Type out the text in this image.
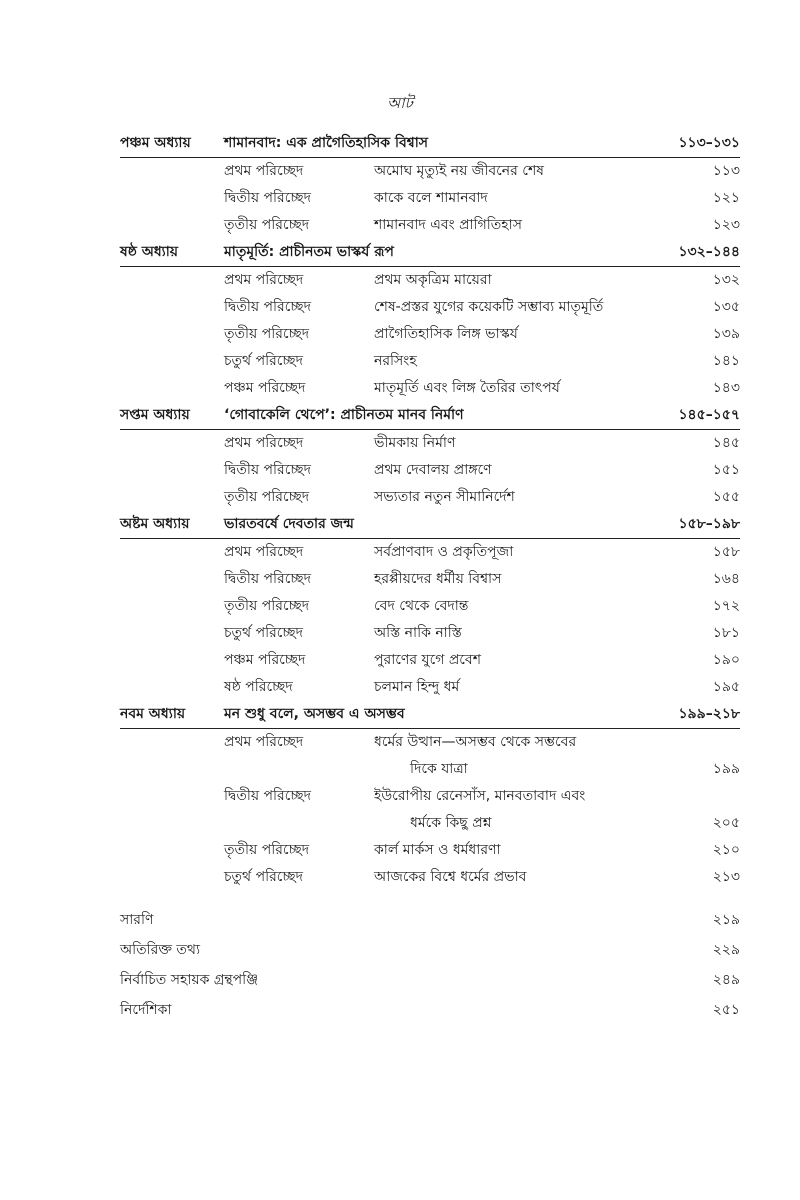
আট
পঞ্চম অধ্যায়	শামানবাদ: এক প্রাগৈতিহাসিক বিশ্বাস	১১৩–১৩১
প্রথম পরিচ্ছেদ	অমোঘ মৃত্যুই নয় জীবনের শেষ	১১৩
দ্বিতীয় পরিচ্ছেদ	কাকে বলে শামানবাদ	১২১
তৃতীয় পরিচ্ছেদ	শামানবাদ এবং প্রাগিতিহাস	১২৩
ষষ্ঠ অধ্যায়	মাতৃমূর্তি: প্রাচীনতম ভাস্কর্য রূপ	১৩২–১৪৪
প্রথম পরিচ্ছেদ	প্রথম অকৃত্রিম মায়েরা	১৩২
দ্বিতীয় পরিচ্ছেদ	শেষ-প্রস্তর যুগের কয়েকটি সম্ভাব্য মাতৃমূর্তি	১৩৫
তৃতীয় পরিচ্ছেদ	প্রাগৈতিহাসিক লিঙ্গ ভাস্কর্য	১৩৯
চতুর্থ পরিচ্ছেদ	নরসিংহ	১৪১
পঞ্চম পরিচ্ছেদ	মাতৃমূর্তি এবং লিঙ্গ তৈরির তাৎপর্য	১৪৩
সপ্তম অধ্যায়	‘গোবাকেলি থেপে’: প্রাচীনতম মানব নির্মাণ	১৪৫–১৫৭
প্রথম পরিচ্ছেদ	ভীমকায় নির্মাণ	১৪৫
দ্বিতীয় পরিচ্ছেদ	প্রথম দেবালয় প্রাঙ্গণে	১৫১
তৃতীয় পরিচ্ছেদ	সভ্যতার নতুন সীমানির্দেশ	১৫৫
অষ্টম অধ্যায়	ভারতবর্ষে দেবতার জন্ম	১৫৮–১৯৮
প্রথম পরিচ্ছেদ	সর্বপ্রাণবাদ ও প্রকৃতিপূজা	১৫৮
দ্বিতীয় পরিচ্ছেদ	হরপ্পীয়দের ধর্মীয় বিশ্বাস	১৬৪
তৃতীয় পরিচ্ছেদ	বেদ থেকে বেদান্ত	১৭২
চতুর্থ পরিচ্ছেদ	অস্তি নাকি নাস্তি	১৮১
পঞ্চম পরিচ্ছেদ	পুরাণের যুগে প্রবেশ	১৯০
ষষ্ঠ পরিচ্ছেদ	চলমান হিন্দু ধর্ম	১৯৫
নবম অধ্যায়	মন শুধু বলে, অসম্ভব এ অসম্ভব	১৯৯–২১৮
প্রথম পরিচ্ছেদ	ধর্মের উত্থান—অসম্ভব থেকে সম্ভবের
দিকে যাত্রা	১৯৯
দ্বিতীয় পরিচ্ছেদ	ইউরোপীয় রেনেসাঁস, মানবতাবাদ এবং
ধর্মকে কিছু প্রশ্ন	২০৫
তৃতীয় পরিচ্ছেদ	কার্ল মার্কস ও ধর্মধারণা	২১০
চতুর্থ পরিচ্ছেদ	আজকের বিশ্বে ধর্মের প্রভাব	২১৩
সারণি	২১৯
অতিরিক্ত তথ্য	২২৯
নির্বাচিত সহায়ক গ্রন্থপঞ্জি	২৪৯
নির্দেশিকা	২৫১
